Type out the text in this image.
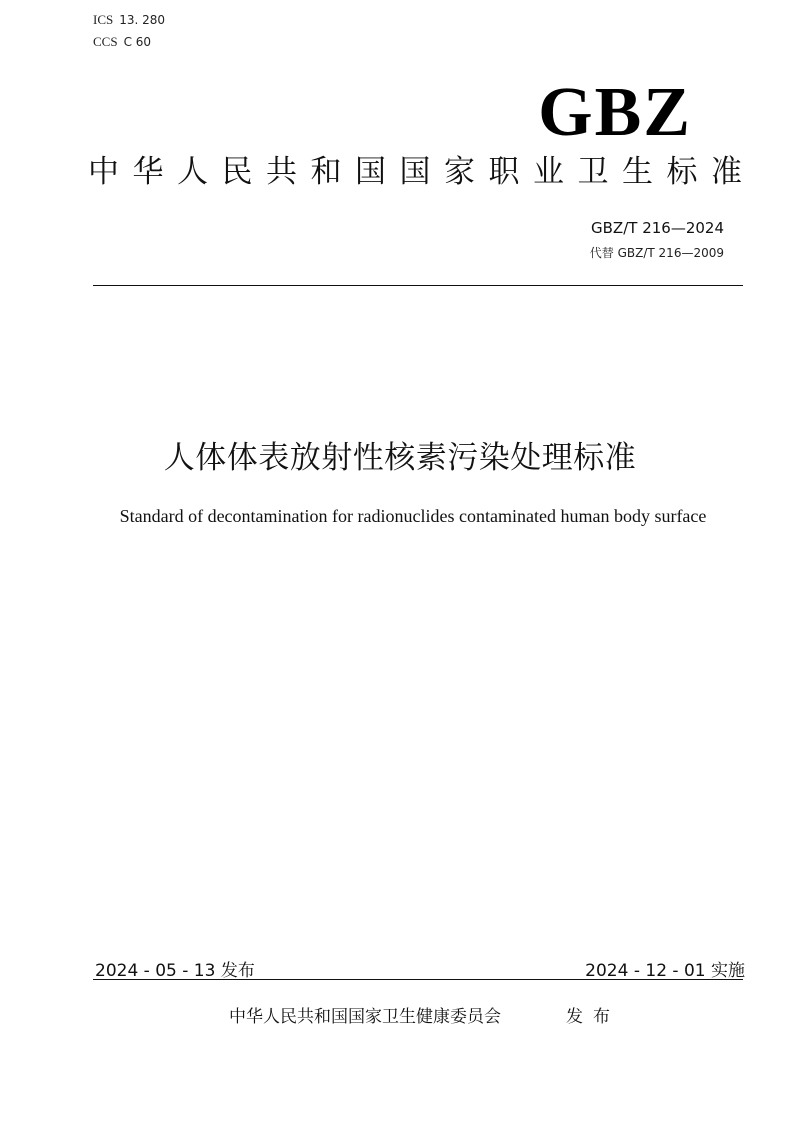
ICS 13. 280
CCS C 60
GBZ
中华人民共和国国家职业卫生标准
GBZ/T 216—2024
代替 GBZ/T 216—2009
人体体表放射性核素污染处理标准
Standard of decontamination for radionuclides contaminated human body surface
2024 - 05 - 13 发布	2024 - 12 - 01 实施
中华人民共和国国家卫生健康委员会	发布
